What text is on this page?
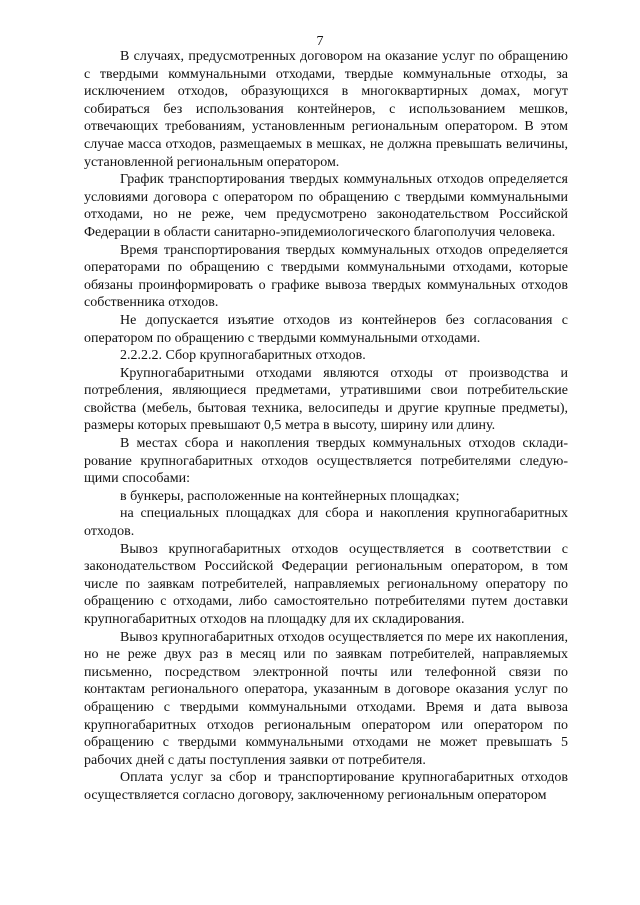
7

В случаях, предусмотренных договором на оказание услуг по обращению с твердыми коммунальными отходами, твердые коммунальные отходы, за исключением отходов, образующихся в многоквартирных домах, могут собираться без использования контейнеров, с использованием мешков, отвечающих требованиям, установленным региональным оператором. В этом случае масса отходов, размещаемых в мешках, не должна превышать величины, установленной региональным оператором.

График транспортирования твердых коммунальных отходов определяется условиями договора с оператором по обращению с твердыми коммунальными отходами, но не реже, чем предусмотрено законодательством Российской Федерации в области санитарно-эпидемиологического благополучия человека.

Время транспортирования твердых коммунальных отходов определяется операторами по обращению с твердыми коммунальными отходами, которые обязаны проинформировать о графике вывоза твердых коммунальных отходов собственника отходов.

Не допускается изъятие отходов из контейнеров без согласования с оператором по обращению с твердыми коммунальными отходами.

2.2.2.2. Сбор крупногабаритных отходов.

Крупногабаритными отходами являются отходы от производства и потребления, являющиеся предметами, утратившими свои потребительские свойства (мебель, бытовая техника, велосипеды и другие крупные предметы), размеры которых превышают 0,5 метра в высоту, ширину или длину.

В местах сбора и накопления твердых коммунальных отходов складирование крупногабаритных отходов осуществляется потребителями следующими способами:

в бункеры, расположенные на контейнерных площадках;

на специальных площадках для сбора и накопления крупногабаритных отходов.

Вывоз крупногабаритных отходов осуществляется в соответствии с законодательством Российской Федерации региональным оператором, в том числе по заявкам потребителей, направляемых региональному оператору по обращению с отходами, либо самостоятельно потребителями путем доставки крупногабаритных отходов на площадку для их складирования.

Вывоз крупногабаритных отходов осуществляется по мере их накопления, но не реже двух раз в месяц или по заявкам потребителей, направляемых письменно, посредством электронной почты или телефонной связи по контактам регионального оператора, указанным в договоре оказания услуг по обращению с твердыми коммунальными отходами. Время и дата вывоза крупногабаритных отходов региональным оператором или оператором по обращению с твердыми коммунальными отходами не может превышать 5 рабочих дней с даты поступления заявки от потребителя.

Оплата услуг за сбор и транспортирование крупногабаритных отходов осуществляется согласно договору, заключенному региональным оператором
